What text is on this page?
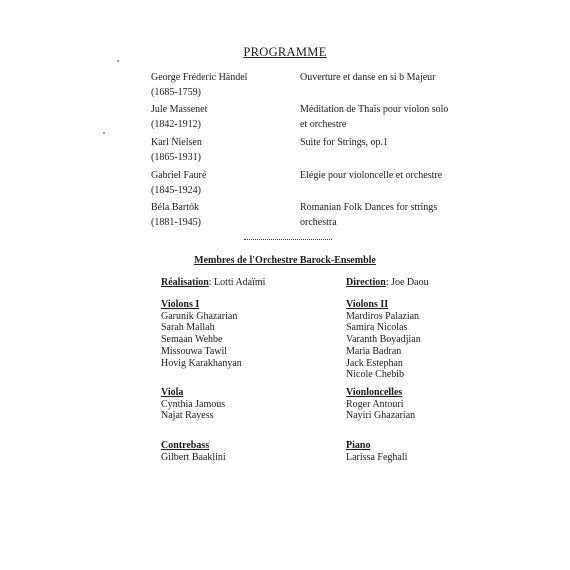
PROGRAMME
George Fréderic Händel
(1685-1759)
Ouverture et danse en si b Majeur
Jule Massenet
(1842-1912)
Méditation de Thaïs pour violon solo
et orchestre
Karl Nielsen
(1865-1931)
Suite for Strings, op.1
Gabriel Fauré
(1845-1924)
Elégie pour violoncelle et orchestre
Béla Bartók
(1881-1945)
Romanian Folk Dances for strings
orchestra
Membres de l'Orchestre Barock-Ensemble
Réalisation: Lotti Adaïmi	Direction: Joe Daou
Violons I
Garunik Ghazarian
Sarah Mallah
Semaan Wehbe
Missouwa Tawil
Hovig Karakhanyan
Violons II
Mardiros Palazian
Samira Nicolas
Varanth Boyadjian
Maria Badran
Jack Estephan
Nicole Chebib
Viola
Cynthia Jamous
Najat Rayess
Vionloncelles
Roger Antouri
Nayiri Ghazarian
Contrebass
Gilbert Baaklini
Piano
Larissa Feghali
